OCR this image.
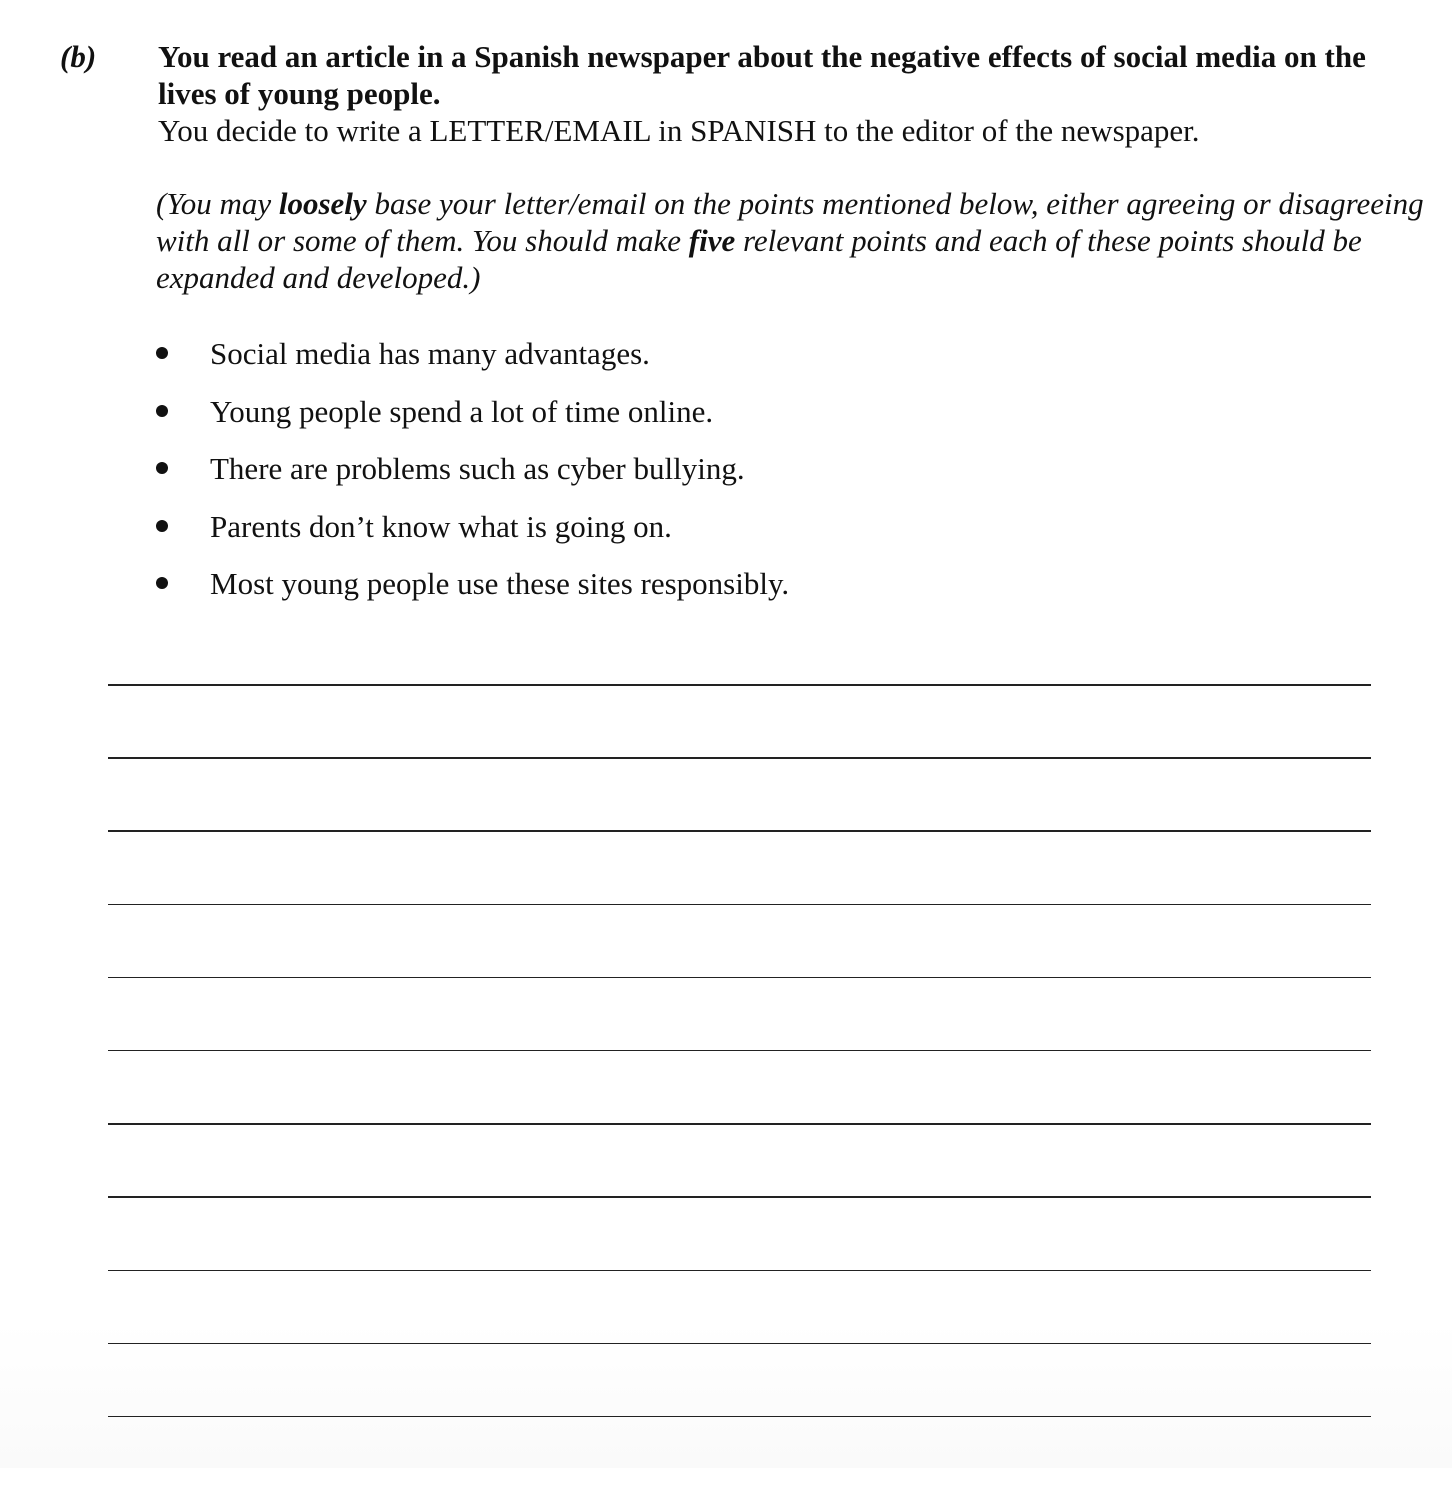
(b) You read an article in a Spanish newspaper about the negative effects of social media on the lives of young people.
You decide to write a LETTER/EMAIL in SPANISH to the editor of the newspaper.
(You may loosely base your letter/email on the points mentioned below, either agreeing or disagreeing with all or some of them. You should make five relevant points and each of these points should be expanded and developed.)
Social media has many advantages.
Young people spend a lot of time online.
There are problems such as cyber bullying.
Parents don’t know what is going on.
Most young people use these sites responsibly.
